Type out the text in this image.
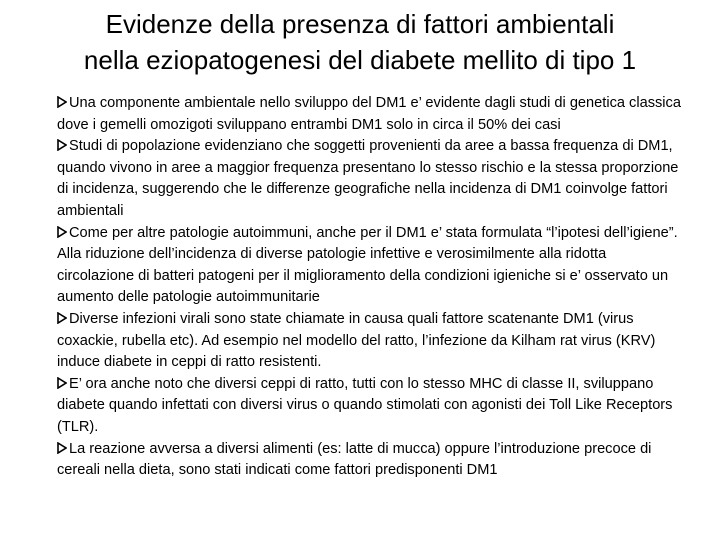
Evidenze della presenza di fattori ambientali
nella eziopatogenesi del diabete mellito di tipo 1

Una componente ambientale nello sviluppo del DM1 e’ evidente dagli studi di genetica classica dove i gemelli omozigoti sviluppano entrambi DM1 solo in circa il 50% dei casi

Studi di popolazione evidenziano che soggetti provenienti da aree a bassa frequenza di DM1, quando vivono in aree a maggior frequenza presentano lo stesso rischio e la stessa proporzione di incidenza, suggerendo che le differenze geografiche nella incidenza di DM1 coinvolge fattori ambientali

Come per altre patologie autoimmuni, anche per il DM1 e’ stata formulata “l’ipotesi dell’igiene”. Alla riduzione dell’incidenza di diverse patologie infettive e verosimilmente alla ridotta circolazione di batteri patogeni per il miglioramento della condizioni igieniche si e’ osservato un aumento delle patologie autoimmunitarie

Diverse infezioni virali sono state chiamate in causa quali fattore scatenante DM1 (virus coxackie, rubella etc). Ad esempio nel modello del ratto, l’infezione da Kilham rat virus (KRV) induce diabete in ceppi di ratto resistenti.

E’ ora anche noto che diversi ceppi di ratto, tutti con lo stesso MHC di classe II, sviluppano diabete quando infettati con diversi virus o quando stimolati con agonisti dei Toll Like Receptors (TLR).

La reazione avversa a diversi alimenti (es: latte di mucca) oppure l’introduzione precoce di cereali nella dieta, sono stati indicati come fattori predisponenti DM1
